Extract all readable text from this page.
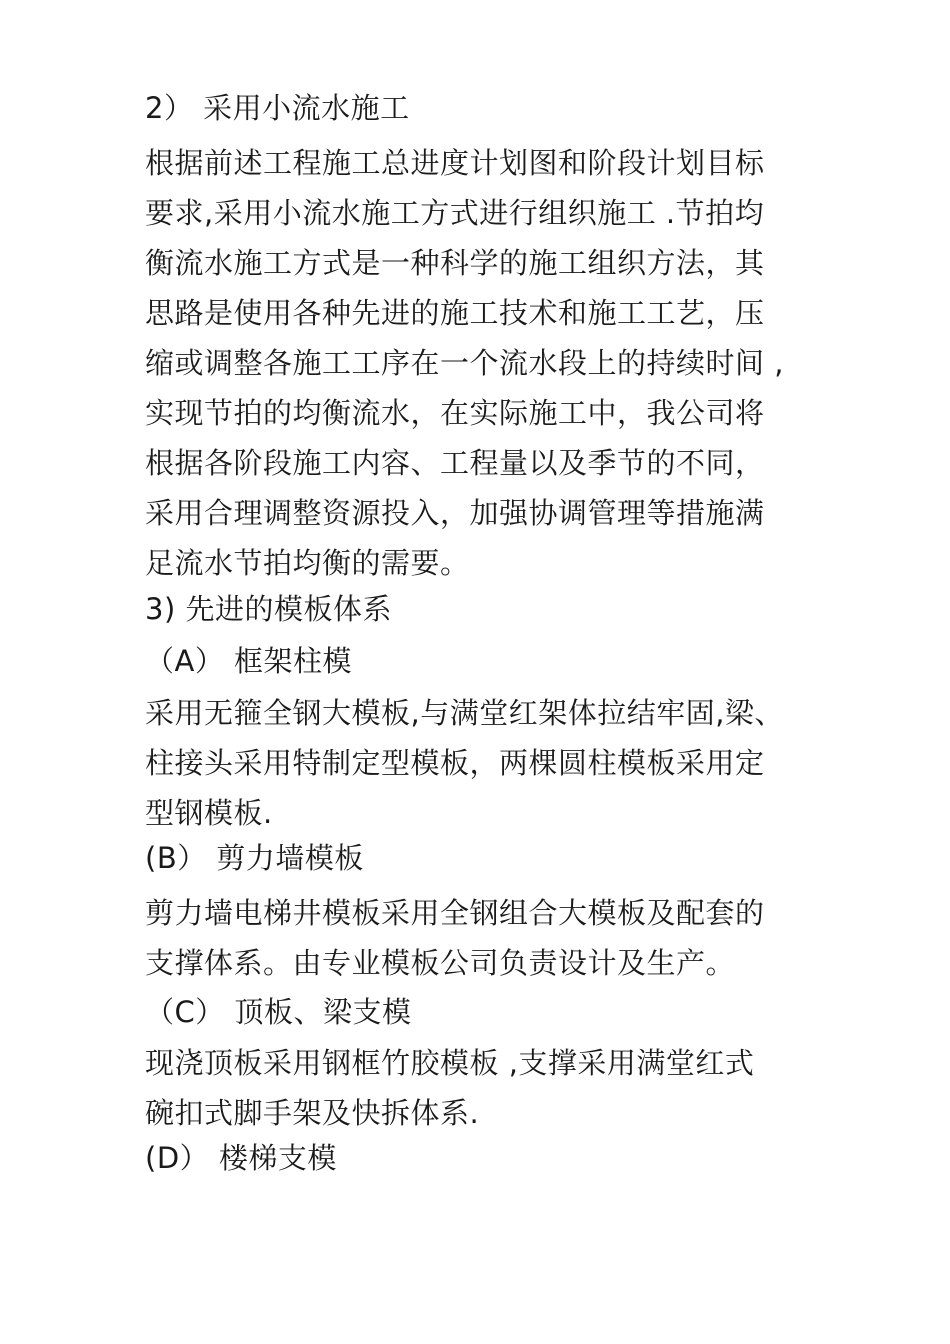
2） 采用小流水施工
根据前述工程施工总进度计划图和阶段计划目标
要求,采用小流水施工方式进行组织施工 .节拍均
衡流水施工方式是一种科学的施工组织方法，其
思路是使用各种先进的施工技术和施工工艺，压
缩或调整各施工工序在一个流水段上的持续时间 ,
实现节拍的均衡流水，在实际施工中，我公司将
根据各阶段施工内容、工程量以及季节的不同，
采用合理调整资源投入，加强协调管理等措施满
足流水节拍均衡的需要。
3) 先进的模板体系
（A） 框架柱模
采用无箍全钢大模板,与满堂红架体拉结牢固,梁、
柱接头采用特制定型模板，两棵圆柱模板采用定
型钢模板.
(B） 剪力墙模板
剪力墙电梯井模板采用全钢组合大模板及配套的
支撑体系。由专业模板公司负责设计及生产。
（C） 顶板、梁支模
现浇顶板采用钢框竹胶模板 ,支撑采用满堂红式
碗扣式脚手架及快拆体系.
(D） 楼梯支模
